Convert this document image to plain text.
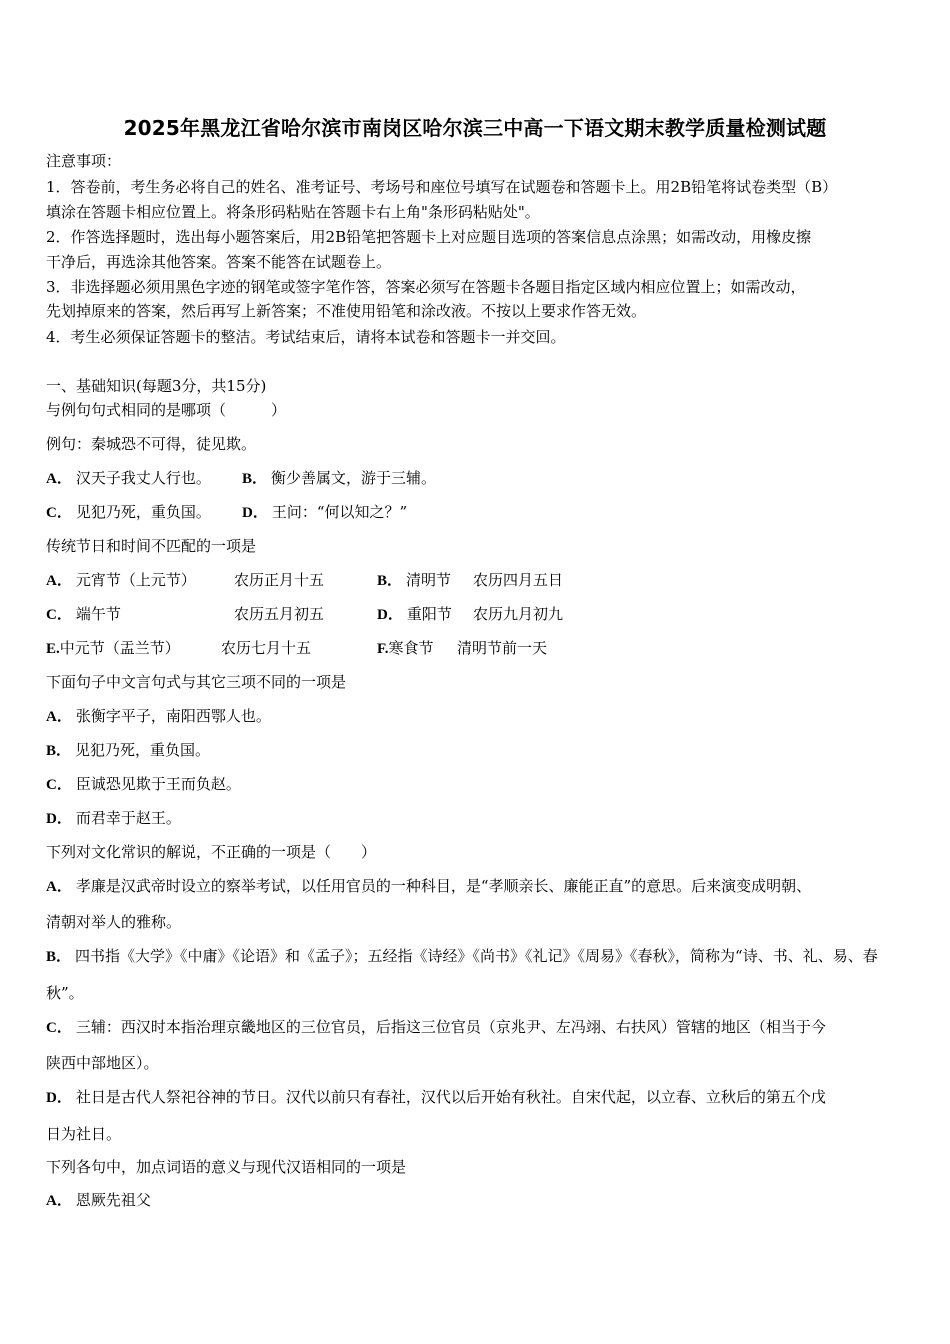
2025年黑龙江省哈尔滨市南岗区哈尔滨三中高一下语文期末教学质量检测试题
注意事项：
1．答卷前，考生务必将自己的姓名、准考证号、考场号和座位号填写在试题卷和答题卡上。用2B铅笔将试卷类型（B）
填涂在答题卡相应位置上。将条形码粘贴在答题卡右上角"条形码粘贴处"。
2．作答选择题时，选出每小题答案后，用2B铅笔把答题卡上对应题目选项的答案信息点涂黑；如需改动，用橡皮擦
干净后，再选涂其他答案。答案不能答在试题卷上。
3．非选择题必须用黑色字迹的钢笔或签字笔作答，答案必须写在答题卡各题目指定区域内相应位置上；如需改动，
先划掉原来的答案，然后再写上新答案；不准使用铅笔和涂改液。不按以上要求作答无效。
4．考生必须保证答题卡的整洁。考试结束后，请将本试卷和答题卡一并交回。
一、基础知识(每题3分，共15分)
与例句句式相同的是哪项（　　　）
例句：秦城恐不可得，徒见欺。
A． 汉天子我丈人行也。 B． 衡少善属文，游于三辅。
C． 见犯乃死，重负国。 D． 王问：“何以知之？”
传统节日和时间不匹配的一项是
A． 元宵节（上元节）	农历正月十五	B． 清明节 农历四月五日
C． 端午节	农历五月初五	D． 重阳节 农历九月初九
E.中元节（盂兰节）	农历七月十五	F.寒食节 清明节前一天
下面句子中文言句式与其它三项不同的一项是
A． 张衡字平子，南阳西鄂人也。
B． 见犯乃死，重负国。
C． 臣诚恐见欺于王而负赵。
D． 而君幸于赵王。
下列对文化常识的解说，不正确的一项是（　　）
A． 孝廉是汉武帝时设立的察举考试，以任用官员的一种科目，是“孝顺亲长、廉能正直”的意思。后来演变成明朝、
清朝对举人的雅称。
B． 四书指《大学》《中庸》《论语》和《孟子》；五经指《诗经》《尚书》《礼记》《周易》《春秋》，简称为“诗、书、礼、易、春
秋”。
C． 三辅：西汉时本指治理京畿地区的三位官员，后指这三位官员（京兆尹、左冯翊、右扶风）管辖的地区（相当于今
陕西中部地区）。
D． 社日是古代人祭祀谷神的节日。汉代以前只有春社，汉代以后开始有秋社。自宋代起，以立春、立秋后的第五个戊
日为社日。
下列各句中，加点词语的意义与现代汉语相同的一项是
A． 恩厥先祖父
